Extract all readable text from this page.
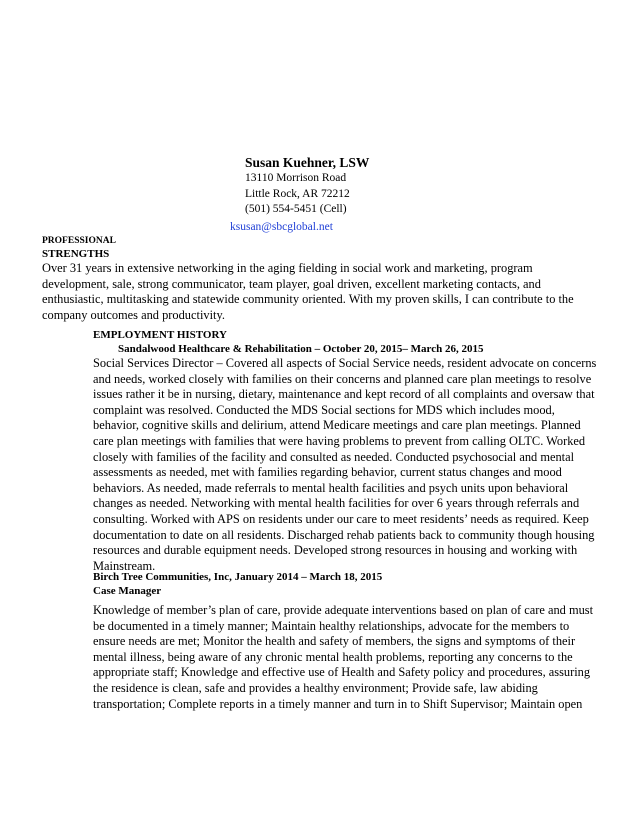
Susan Kuehner, LSW

13110 Morrison Road

Little Rock, AR 72212

(501) 554-5451 (Cell)

ksusan@sbcglobal.net
PROFESSIONAL
STRENGTHS

Over 31 years in extensive networking in the aging fielding in social work and marketing, program development, sale, strong communicator, team player, goal driven, excellent marketing contacts, and enthusiastic, multitasking and statewide community oriented. With my proven skills, I can contribute to the company outcomes and productivity.

EMPLOYMENT HISTORY

Sandalwood Healthcare & Rehabilitation – October 20, 2015– March 26, 2015

Social Services Director – Covered all aspects of Social Service needs, resident advocate on concerns and needs, worked closely with families on their concerns and planned care plan meetings to resolve issues rather it be in nursing, dietary, maintenance and kept record of all complaints and oversaw that complaint was resolved. Conducted the MDS Social sections for MDS which includes mood, behavior, cognitive skills and delirium, attend Medicare meetings and care plan meetings. Planned care plan meetings with families that were having problems to prevent from calling OLTC. Worked closely with families of the facility and consulted as needed. Conducted psychosocial and mental assessments as needed, met with families regarding behavior, current status changes and mood behaviors. As needed, made referrals to mental health facilities and psych units upon behavioral changes as needed. Networking with mental health facilities for over 6 years through referrals and consulting. Worked with APS on residents under our care to meet residents’ needs as required. Keep documentation to date on all residents. Discharged rehab patients back to community though housing resources and durable equipment needs. Developed strong resources in housing and working with Mainstream.

Birch Tree Communities, Inc, January 2014 – March 18, 2015

Case Manager

Knowledge of member’s plan of care, provide adequate interventions based on plan of care and must be documented in a timely manner; Maintain healthy relationships, advocate for the members to ensure needs are met; Monitor the health and safety of members, the signs and symptoms of their mental illness, being aware of any chronic mental health problems, reporting any concerns to the appropriate staff; Knowledge and effective use of Health and Safety policy and procedures, assuring the residence is clean, safe and provides a healthy environment; Provide safe, law abiding transportation; Complete reports in a timely manner and turn in to Shift Supervisor; Maintain open
